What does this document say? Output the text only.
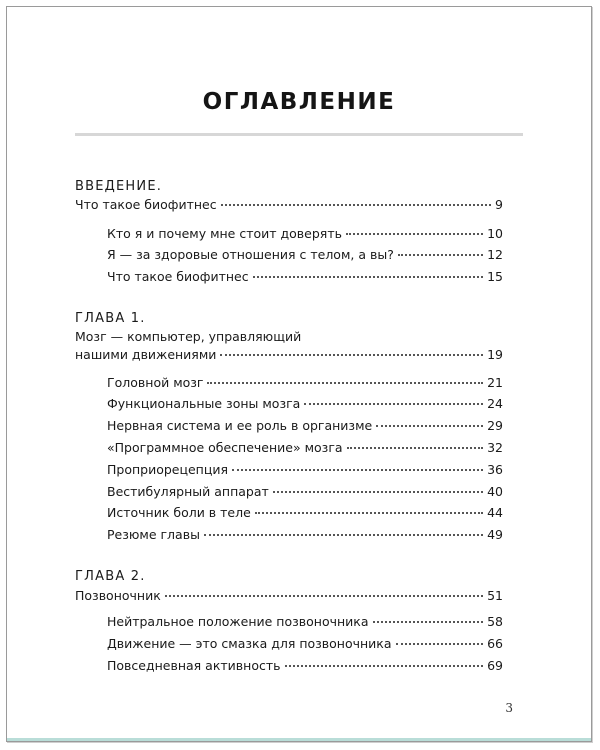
ОГЛАВЛЕНИЕ
ВВЕДЕНИЕ.
Что такое биофитнес	9
Кто я и почему мне стоит доверять	10
Я — за здоровые отношения с телом, а вы?	12
Что такое биофитнес	15
ГЛАВА 1.
Мозг — компьютер, управляющий
нашими движениями	19
Головной мозг	21
Функциональные зоны мозга	24
Нервная система и ее роль в организме	29
«Программное обеспечение» мозга	32
Проприорецепция	36
Вестибулярный аппарат	40
Источник боли в теле	44
Резюме главы	49
ГЛАВА 2.
Позвоночник	51
Нейтральное положение позвоночника	58
Движение — это смазка для позвоночника	66
Повседневная активность	69
3
